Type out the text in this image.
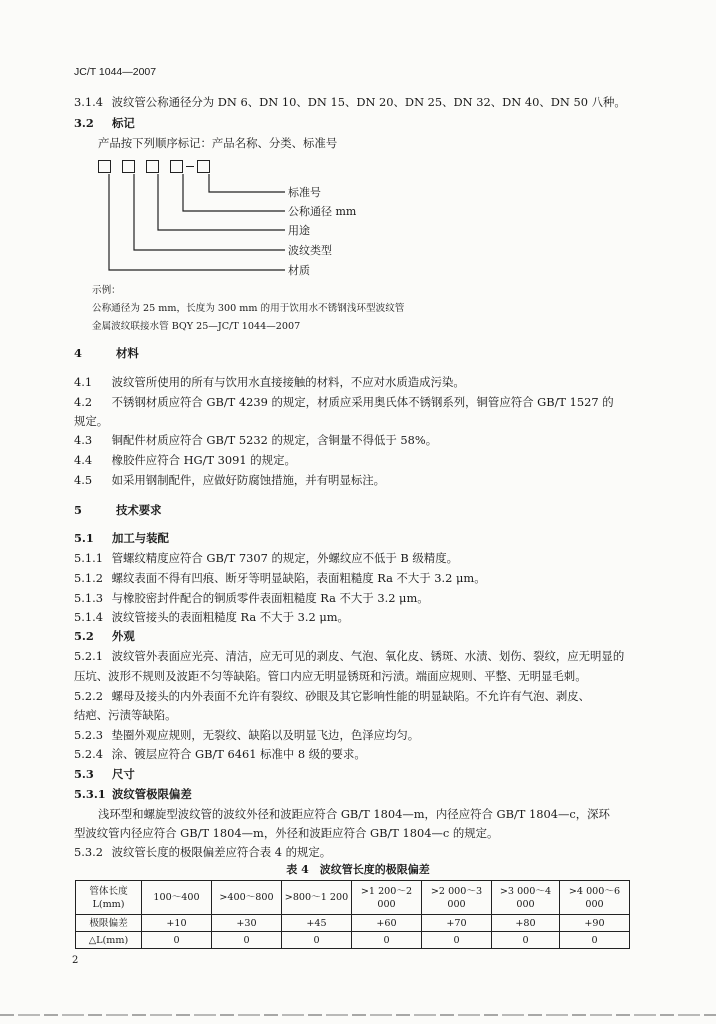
JC/T 1044—2007
3.1.4 波纹管公称通径分为 DN 6、DN 10、DN 15、DN 20、DN 25、DN 32、DN 40、DN 50 八种。
3.2 标记
产品按下列顺序标记：产品名称、分类、标准号
标准号
公称通径 mm
用途
波纹类型
材质
示例：
公称通径为 25 mm，长度为 300 mm 的用于饮用水不锈钢浅环型波纹管
金属波纹联接水管 BQY 25—JC/T 1044—2007
4	材料
4.1 波纹管所使用的所有与饮用水直接接触的材料，不应对水质造成污染。
4.2 不锈钢材质应符合 GB/T 4239 的规定，材质应采用奥氏体不锈钢系列，铜管应符合 GB/T 1527 的
规定。
4.3 铜配件材质应符合 GB/T 5232 的规定，含铜量不得低于 58%。
4.4 橡胶件应符合 HG/T 3091 的规定。
4.5 如采用钢制配件，应做好防腐蚀措施，并有明显标注。
5	技术要求
5.1 加工与装配
5.1.1 管螺纹精度应符合 GB/T 7307 的规定，外螺纹应不低于 B 级精度。
5.1.2 螺纹表面不得有凹痕、断牙等明显缺陷，表面粗糙度 Ra 不大于 3.2 μm。
5.1.3 与橡胶密封件配合的铜质零件表面粗糙度 Ra 不大于 3.2 μm。
5.1.4 波纹管接头的表面粗糙度 Ra 不大于 3.2 μm。
5.2 外观
5.2.1 波纹管外表面应光亮、清洁，应无可见的剥皮、气泡、氧化皮、锈斑、水渍、划伤、裂纹，应无明显的
压坑、波形不规则及波距不匀等缺陷。管口内应无明显锈斑和污渍。端面应规则、平整、无明显毛刺。
5.2.2 螺母及接头的内外表面不允许有裂纹、砂眼及其它影响性能的明显缺陷。不允许有气泡、剥皮、
结疤、污渍等缺陷。
5.2.3 垫圈外观应规则，无裂纹、缺陷以及明显飞边，色泽应均匀。
5.2.4 涂、镀层应符合 GB/T 6461 标准中 8 级的要求。
5.3 尺寸
5.3.1 波纹管极限偏差
浅环型和螺旋型波纹管的波纹外径和波距应符合 GB/T 1804—m，内径应符合 GB/T 1804—c，深环
型波纹管内径应符合 GB/T 1804—m，外径和波距应符合 GB/T 1804—c 的规定。
5.3.2 波纹管长度的极限偏差应符合表 4 的规定。
表 4　波纹管长度的极限偏差
管体长度
L(mm)	100～400	>400～800	>800～1 200	>1 200～2 000	>2 000～3 000	>3 000～4 000	>4 000～6 000
极限偏差	+10	+30	+45	+60	+70	+80	+90
△L(mm)	0	0	0	0	0	0	0
2
